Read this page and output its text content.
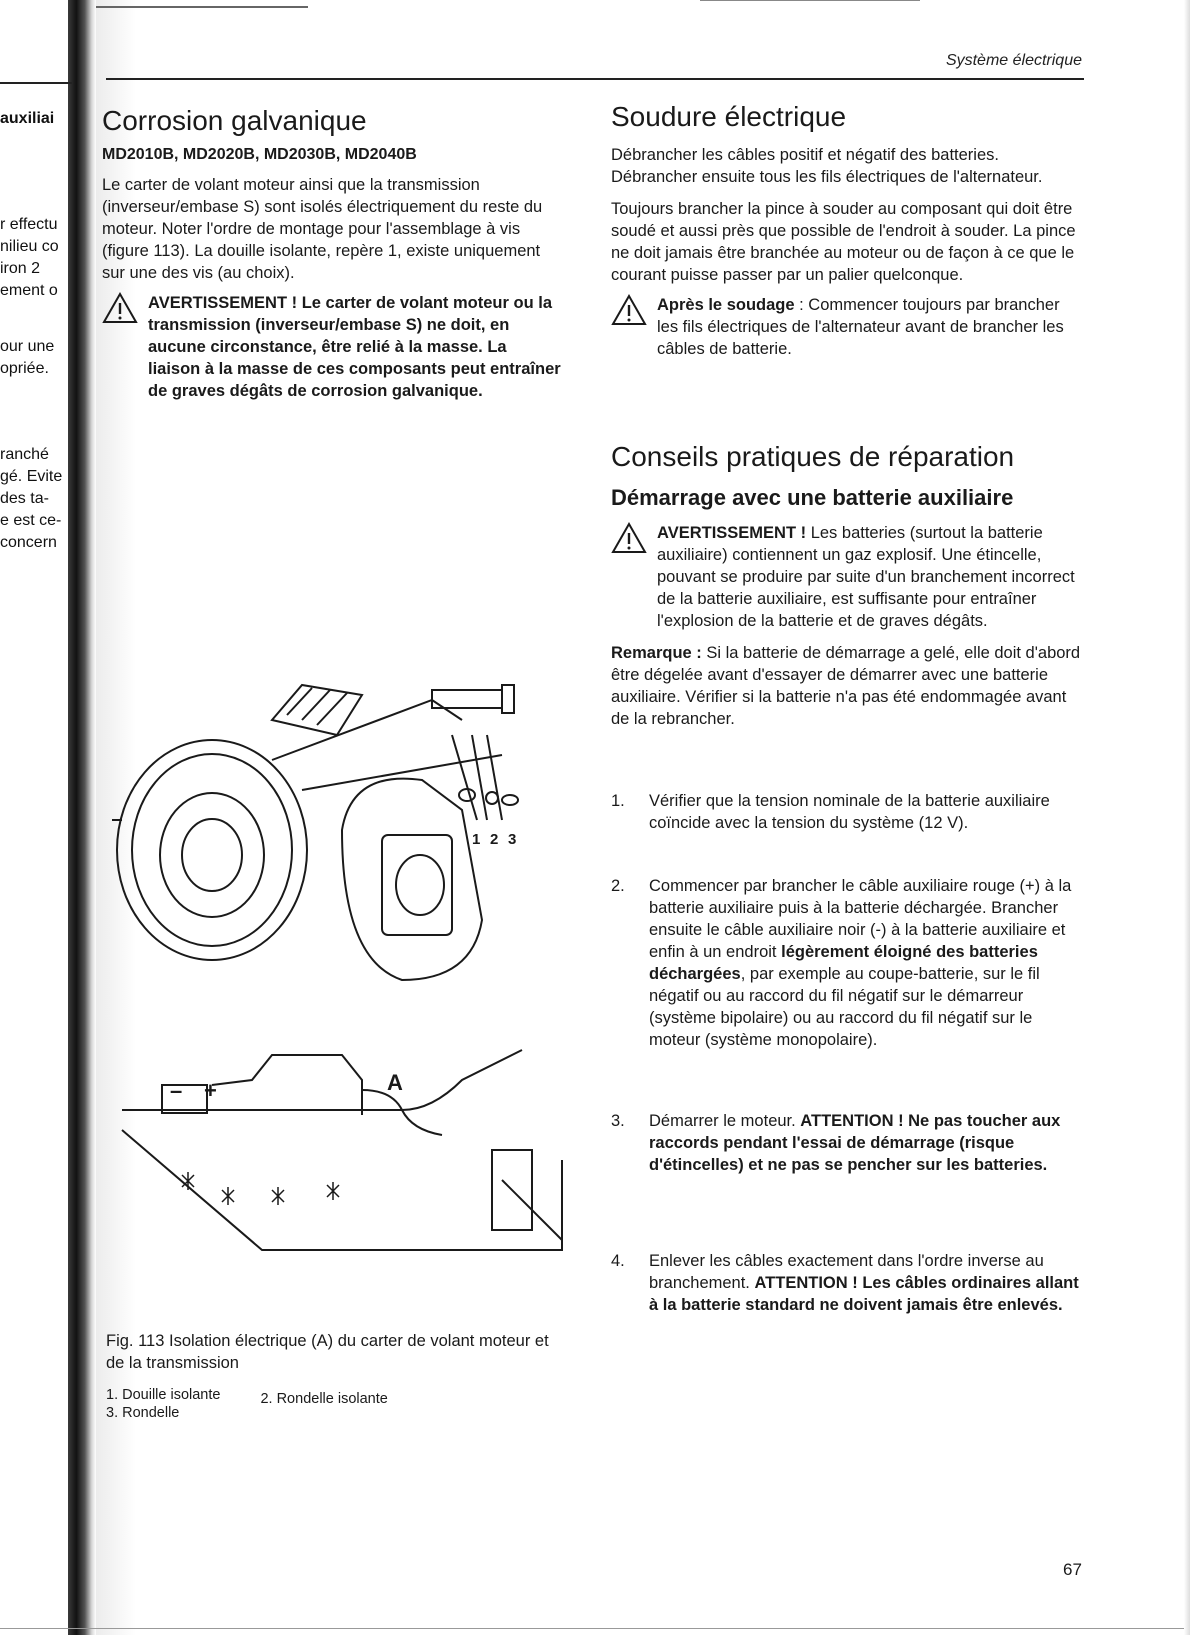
auxiliai
r effectu
nilieu co
iron 2
ement o
our une
opriée.
ranché
gé. Evite
des ta-
e est ce-
concern
Système électrique
Corrosion galvanique
MD2010B, MD2020B, MD2030B, MD2040B

Le carter de volant moteur ainsi que la transmission (inverseur/embase S) sont isolés électriquement du reste du moteur. Noter l'ordre de montage pour l'assemblage à vis (figure 113). La douille isolante, repère 1, existe uniquement sur une des vis (au choix).

AVERTISSEMENT ! Le carter de volant moteur ou la transmission (inverseur/embase S) ne doit, en aucune circonstance, être relié à la masse. La liaison à la masse de ces composants peut entraîner de graves dégâts de corrosion galvanique.

1 2 3
A
– +

Fig. 113 Isolation électrique (A) du carter de volant moteur et de la transmission

1. Douille isolante
3. Rondelle
2. Rondelle isolante
Soudure électrique

Débrancher les câbles positif et négatif des batteries. Débrancher ensuite tous les fils électriques de l'alternateur.

Toujours brancher la pince à souder au composant qui doit être soudé et aussi près que possible de l'endroit à souder. La pince ne doit jamais être branchée au moteur ou de façon à ce que le courant puisse passer par un palier quelconque.

Après le soudage : Commencer toujours par brancher les fils électriques de l'alternateur avant de brancher les câbles de batterie.

Conseils pratiques de réparation
Démarrage avec une batterie auxiliaire

AVERTISSEMENT ! Les batteries (surtout la batterie auxiliaire) contiennent un gaz explosif. Une étincelle, pouvant se produire par suite d'un branchement incorrect de la batterie auxiliaire, est suffisante pour entraîner l'explosion de la batterie et de graves dégâts.

Remarque : Si la batterie de démarrage a gelé, elle doit d'abord être dégelée avant d'essayer de démarrer avec une batterie auxiliaire. Vérifier si la batterie n'a pas été endommagée avant de la rebrancher.

1.	Vérifier que la tension nominale de la batterie auxiliaire coïncide avec la tension du système (12 V).
2.	Commencer par brancher le câble auxiliaire rouge (+) à la batterie auxiliaire puis à la batterie déchargée. Brancher ensuite le câble auxiliaire noir (-) à la batterie auxiliaire et enfin à un endroit légèrement éloigné des batteries déchargées, par exemple au coupe-batterie, sur le fil négatif ou au raccord du fil négatif sur le démarreur (système bipolaire) ou au raccord du fil négatif sur le moteur (système monopolaire).
3.	Démarrer le moteur. ATTENTION ! Ne pas toucher aux raccords pendant l'essai de démarrage (risque d'étincelles) et ne pas se pencher sur les batteries.
4.	Enlever les câbles exactement dans l'ordre inverse au branchement. ATTENTION ! Les câbles ordinaires allant à la batterie standard ne doivent jamais être enlevés.
67
